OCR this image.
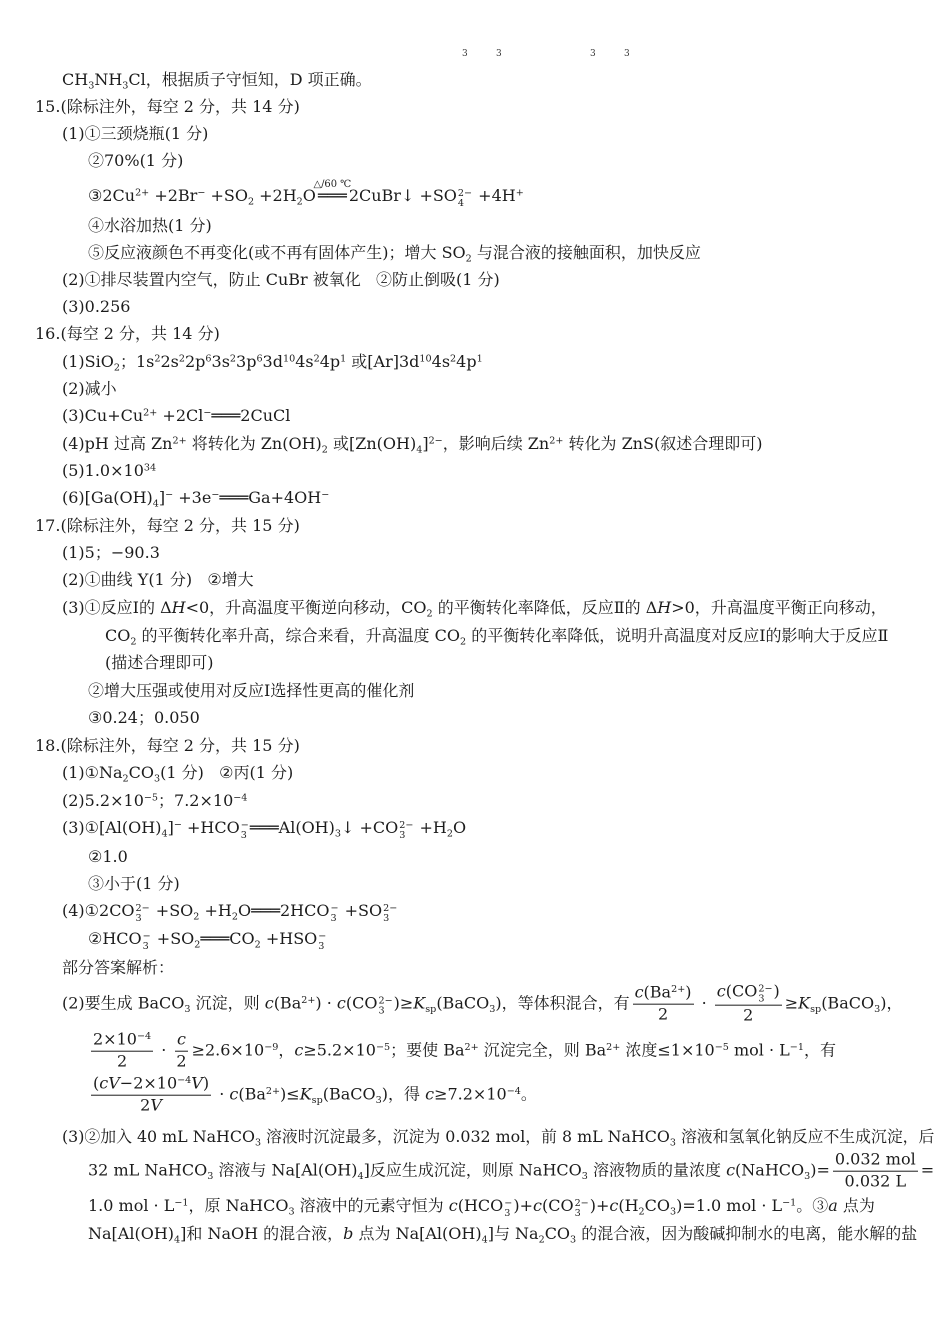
3	3	3	3
$CH_3NH_3Cl$，根据质子守恒知，D 项正确。
15.(除标注外，每空 2 分，共 14 分)
(1)①三颈烧瓶(1 分)
②70%(1 分)
$③2Cu^{2+} +2Br^- +SO_2 +2H_2O$ ═══
△/60 ℃
2CuBr↓ +SO 2−
4 +4H+
④水浴加热(1 分)
⑤反应液颜色不再变化(或不再有固体产生)；增大 $SO_2$ 与混合液的接触面积，加快反应
(2)①排尽装置内空气，防止 CuBr 被氧化   ②防止倒吸(1 分)
(3)0.256
16.(每空 2 分，共 14 分)
(1)SiO$_2$；$1s^22s^22p^63s^23p^63d^{10}4s^24p^1$ 或$[Ar]3d^{10}4s^24p^1$
(2)减小
$(3)Cu+Cu^{2+}$ +2Cl−═══2CuCl
(4)pH 过高 $Zn^{2+}$ 将转化为 $Zn(OH)_2$ 或$[Zn(OH)_4]^{2-}$，影响后续 $Zn^{2+}$ 转化为 ZnS(叙述合理即可)
$(5)1.0\times 10^{34}$
$(6)[Ga(OH)_4]^-$ +3e−═══Ga+4OH−
17.(除标注外，每空 2 分，共 15 分)
(1)5；−90.3
(2)①曲线 Y(1 分)   ②增大
(3)①反应Ⅰ的 ΔH<0，升高温度平衡逆向移动，$CO_2$ 的平衡转化率降低，反应Ⅱ的 ΔH>0，升高温度平衡正向移动，
$CO_2$ 的平衡转化率升高，综合来看，升高温度 $CO_2$ 的平衡转化率降低，说明升高温度对反应Ⅰ的影响大于反应Ⅱ
(描述合理即可)
②增大压强或使用对反应Ⅰ选择性更高的催化剂
③0.24；0.050
18.(除标注外，每空 2 分，共 15 分)
$(1)①Na_2CO_3(1$ 分)   ②丙(1 分)
$(2)5.2\times 10^{-5}$；$7.2\times 10^{-4}$
$(3)①[Al(OH)_4]^- +HCO$ −
3 $═══Al(OH)_3↓ +CO$ 2−
$3 +H_2O$
②1.0
③小于(1 分)
(4)①2CO 2−
$3 +SO_2$ $+H_2O═══2HCO$ −
3 +SO 2−
3
②HCO −
$3 +SO_2═══CO_2 +HSO$ −
3
部分答案解析：
(2)要生成 BaCO$_3$ 沉淀，则 $c(Ba^{2+}) \cdot c(CO$ 2−
3 )$\ge K_{sp}(BaCO_3)$，等体积混合，有 $\frac{c(Ba^{2+})}{2} \cdot c(CO$ 2−
3 )
$2 \ge K_{sp}(BaCO_3)$，
$\frac{2\times 10^{-4}}{2} \cdot \frac{c}{2} \ge 2.6\times 10^{-9}$，$c\ge 5.2\times 10^{-5}$；要使 $Ba^{2+}$ 沉淀完全，则 $Ba^{2+}$ 浓度$\le 1\times 10^{-5}$ mol · $L^{-1}$，有
$\frac{(cV-2\times 10^{-4}V)}{2V}$ · $c(Ba^{2+})\le K_{sp}(BaCO_3)$，得 $c\ge 7.2\times 10^{-4}$。
(3)②加入 40 mL NaHCO$_3$ 溶液时沉淀最多，沉淀为 0.032 mol，前 8 mL NaHCO$_3$ 溶液和氢氧化钠反应不生成沉淀，后
32 mL NaHCO$_3$ 溶液与 $Na[Al(OH)_4]$反应生成沉淀，则原 NaHCO$_3$ 溶液物质的量浓度 c(NaHCO$_3$)= $\frac{\text{0.032 mol}}{0.032 L}$ =
1.0 mol · $L^{-1}$，原 NaHCO$_3$ 溶液中的元素守恒为 c(HCO −
3 )+c(CO 2−
3 )$+c(H_2CO_3)=1.0$ mol · $L^{-1}$。③a 点为
$Na[Al(OH)_4]$和 NaOH 的混合液，b 点为 $Na[Al(OH)_4]$与 $Na_2CO_3$ 的混合液，因为酸碱抑制水的电离，能水解的盐
